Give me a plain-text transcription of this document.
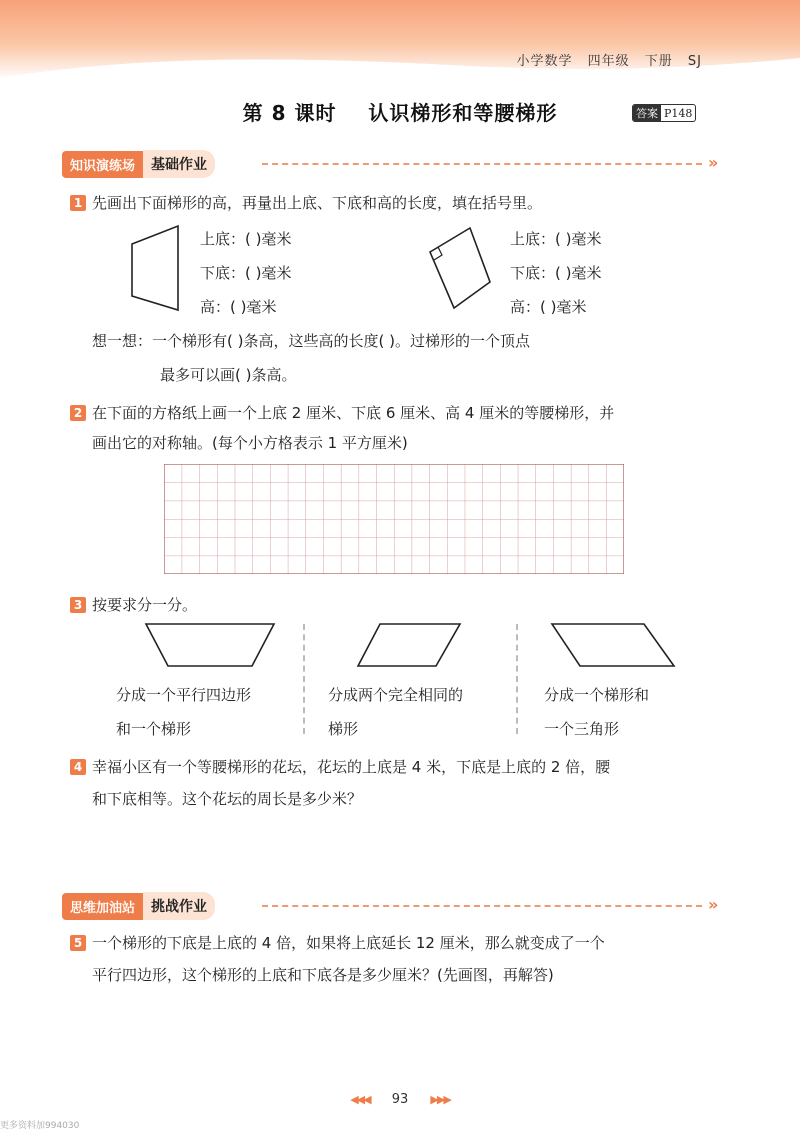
小学数学 四年级 下册 SJ
第 8 课时    认识梯形和等腰梯形	答案 P148
知识演练场	基础作业	»
1 先画出下面梯形的高，再量出上底、下底和高的长度，填在括号里。
上底：( )毫米
下底：( )毫米
高：( )毫米
上底：( )毫米
下底：( )毫米
高：( )毫米
想一想：一个梯形有( )条高，这些高的长度( )。过梯形的一个顶点
最多可以画( )条高。
2 在下面的方格纸上画一个上底 2 厘米、下底 6 厘米、高 4 厘米的等腰梯形，并
画出它的对称轴。(每个小方格表示 1 平方厘米)
3 按要求分一分。
分成一个平行四边形
和一个梯形
分成两个完全相同的
梯形
分成一个梯形和
一个三角形
4 幸福小区有一个等腰梯形的花坛，花坛的上底是 4 米，下底是上底的 2 倍，腰
和下底相等。这个花坛的周长是多少米？
思维加油站	挑战作业	»
5 一个梯形的下底是上底的 4 倍，如果将上底延长 12 厘米，那么就变成了一个
平行四边形，这个梯形的上底和下底各是多少厘米？(先画图，再解答)
◀◀◀ 93 ▶▶▶
更多资料加994030
